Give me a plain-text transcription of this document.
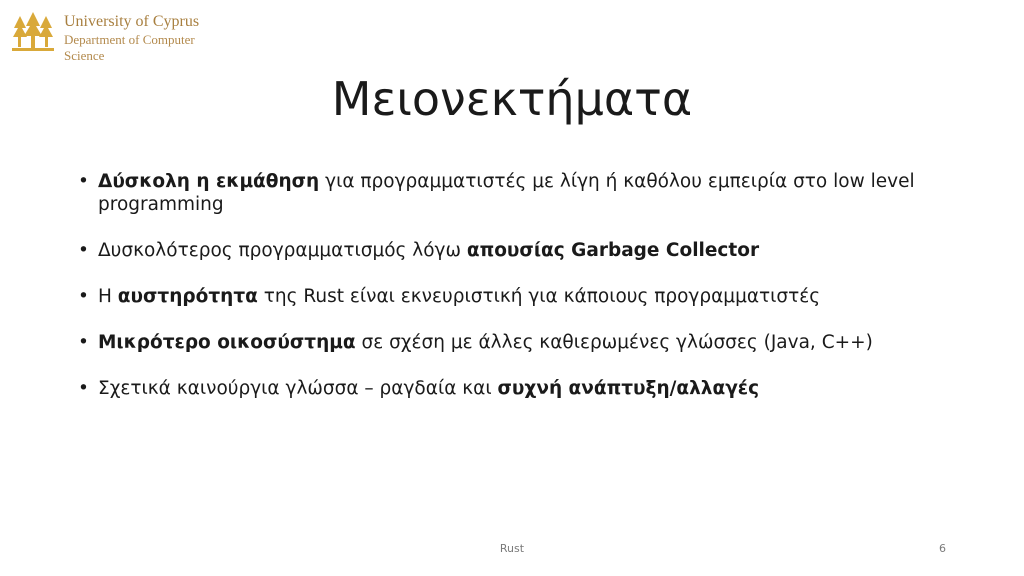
University of Cyprus
Department of Computer
Science
Μειονεκτήματα
• Δύσκολη η εκμάθηση για προγραμματιστές με λίγη ή καθόλου εμπειρία στο low level programming
• Δυσκολότερος προγραμματισμός λόγω απουσίας Garbage Collector
• Η αυστηρότητα της Rust είναι εκνευριστική για κάποιους προγραμματιστές
• Μικρότερο οικοσύστημα σε σχέση με άλλες καθιερωμένες γλώσσες (Java, C++)
• Σχετικά καινούργια γλώσσα – ραγδαία και συχνή ανάπτυξη/αλλαγές
Rust	6
